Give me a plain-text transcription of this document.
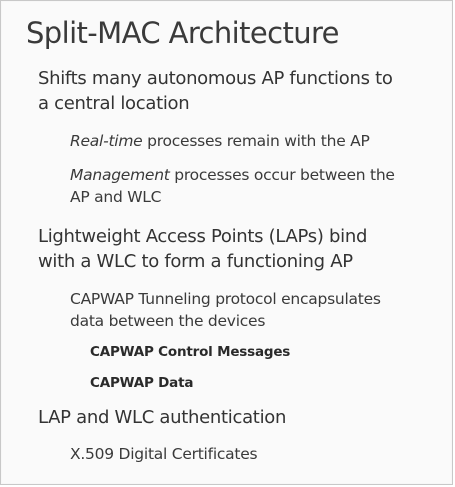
Split-MAC Architecture
Shifts many autonomous AP functions to
a central location
Real-time processes remain with the AP
Management processes occur between the
AP and WLC
Lightweight Access Points (LAPs) bind
with a WLC to form a functioning AP
CAPWAP Tunneling protocol encapsulates
data between the devices
CAPWAP Control Messages
CAPWAP Data
LAP and WLC authentication
X.509 Digital Certificates
